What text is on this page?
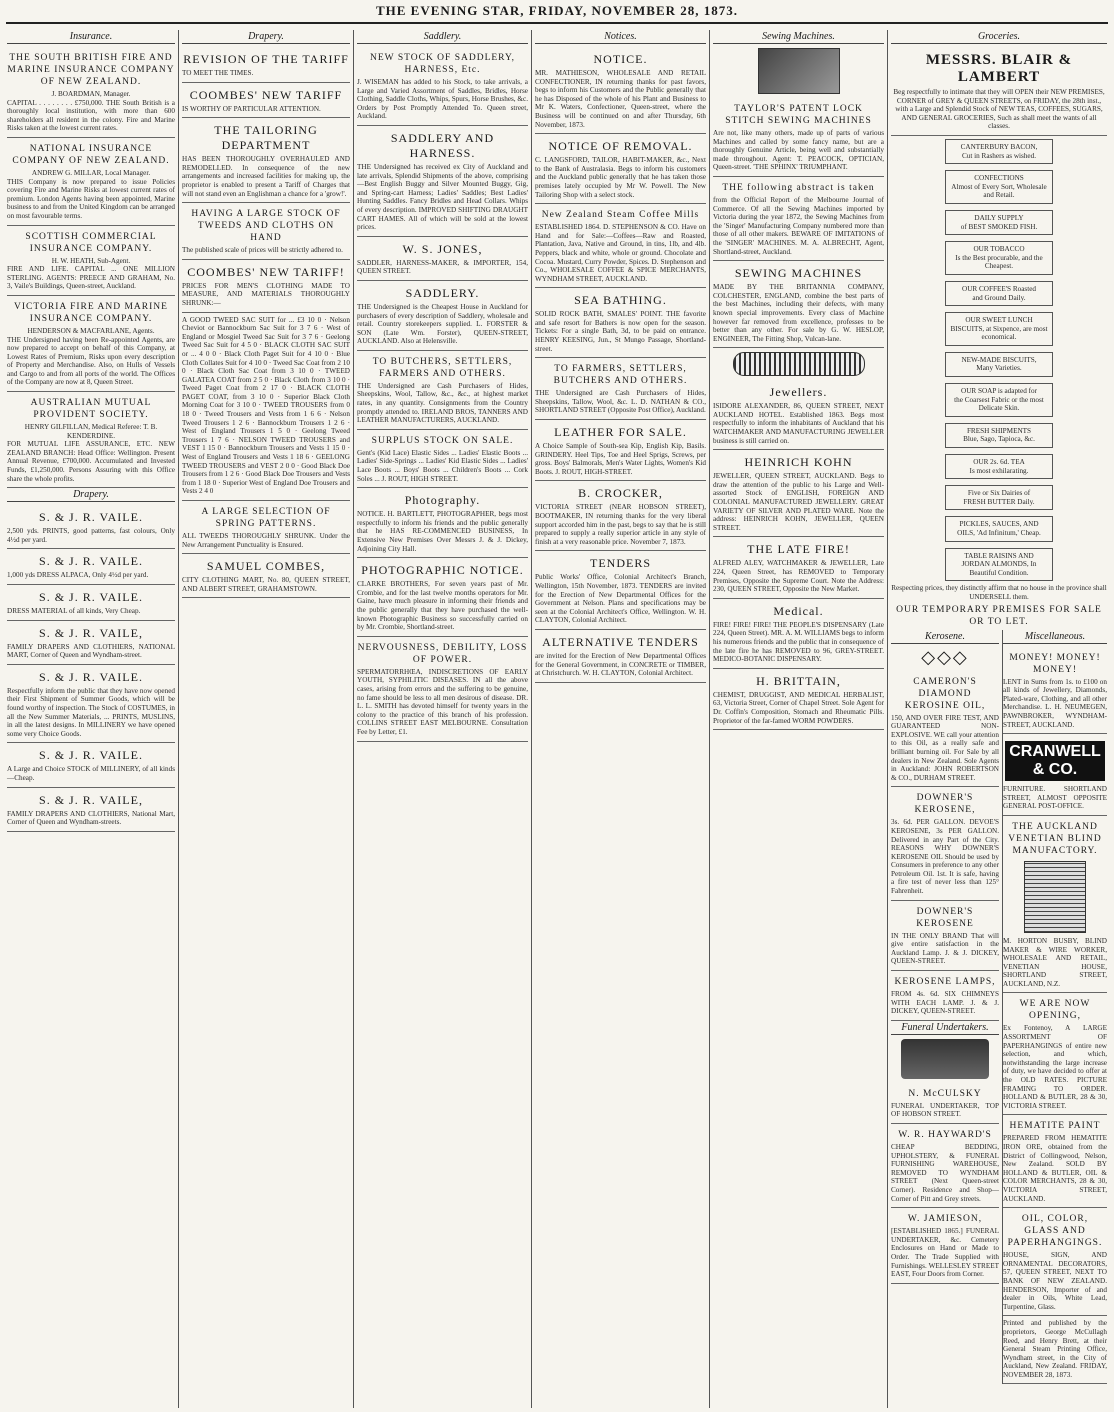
THE EVENING STAR, FRIDAY, NOVEMBER 28, 1873.
Insurance.
THE SOUTH BRITISH FIRE AND MARINE INSURANCE COMPANY OF NEW ZEALAND.
J. BOARDMAN, Manager.

CAPITAL . . . . . . . . £750,000. THE South British is a thoroughly local institution, with more than 600 shareholders all resident in the colony. Fire and Marine Risks taken at the lowest current rates.

NATIONAL INSURANCE COMPANY OF NEW ZEALAND.
ANDREW G. MILLAR, Local Manager.

THIS Company is now prepared to issue Policies covering Fire and Marine Risks at lowest current rates of premium. London Agents having been appointed, Marine business to and from the United Kingdom can be arranged on most favourable terms.

SCOTTISH COMMERCIAL INSURANCE COMPANY.
H. W. HEATH, Sub-Agent.

FIRE AND LIFE. CAPITAL ... ONE MILLION STERLING. AGENTS: PREECE AND GRAHAM, No. 3, Vaile's Buildings, Queen-street, Auckland.

VICTORIA FIRE AND MARINE INSURANCE COMPANY.
HENDERSON & MACFARLANE, Agents.

THE Undersigned having been Re-appointed Agents, are now prepared to accept on behalf of this Company, at Lowest Rates of Premium, Risks upon every description of Property and Merchandise. Also, on Hulls of Vessels and Cargo to and from all ports of the world. The Offices of the Company are now at 8, Queen Street.

AUSTRALIAN MUTUAL PROVIDENT SOCIETY.
HENRY GILFILLAN, Medical Referee: T. B. KENDERDINE.

FOR MUTUAL LIFE ASSURANCE, ETC. NEW ZEALAND BRANCH: Head Office: Wellington. Present Annual Revenue, £700,000. Accumulated and Invested Funds, £1,250,000. Persons Assuring with this Office share the whole profits.

Drapery.
S. & J. R. VAILE.

2,500 yds. PRINTS, good patterns, fast colours, Only 4½d per yard.

S. & J. R. VAILE.

1,000 yds DRESS ALPACA, Only 4½d per yard.

S. & J. R. VAILE.

DRESS MATERIAL of all kinds, Very Cheap.

S. & J. R. VAILE,

FAMILY DRAPERS AND CLOTHIERS, NATIONAL MART, Corner of Queen and Wyndham-street.

S. & J. R. VAILE.

Respectfully inform the public that they have now opened their First Shipment of Summer Goods, which will be found worthy of inspection. The Stock of COSTUMES, in all the New Summer Materials, ... PRINTS, MUSLINS, in all the latest designs. In MILLINERY we have opened some very Choice Goods.

S. & J. R. VAILE.

A Large and Choice STOCK of MILLINERY, of all kinds—Cheap.

S. & J. R. VAILE,

FAMILY DRAPERS AND CLOTHIERS, National Mart, Corner of Queen and Wyndham-streets.

Drapery.
REVISION OF THE TARIFF

TO MEET THE TIMES.

COOMBES' NEW TARIFF

IS WORTHY OF PARTICULAR ATTENTION.

THE TAILORING DEPARTMENT

HAS BEEN THOROUGHLY OVERHAULED AND REMODELLED. In consequence of the new arrangements and increased facilities for making up, the proprietor is enabled to present a Tariff of Charges that will not stand even an Englishman a chance for a 'grow!'.

HAVING A LARGE STOCK OF TWEEDS AND CLOTHS ON HAND

The published scale of prices will be strictly adhered to.

COOMBES' NEW TARIFF!

PRICES FOR MEN'S CLOTHING MADE TO MEASURE, AND MATERIALS THOROUGHLY SHRUNK:—

A GOOD TWEED SAC SUIT for ... £3 10 0 · Nelson Cheviot or Bannockburn Sac Suit for 3 7 6 · West of England or Mosgiel Tweed Sac Suit for 3 7 6 · Geelong Tweed Sac Suit for 4 5 0 · BLACK CLOTH SAC SUIT or ... 4 0 0 · Black Cloth Paget Suit for 4 10 0 · Blue Cloth Collates Suit for 4 10 0 · Tweed Sac Coat from 2 10 0 · Black Cloth Sac Coat from 3 10 0 · TWEED GALATEA COAT from 2 5 0 · Black Cloth from 3 10 0 · Tweed Paget Coat from 2 17 0 · BLACK CLOTH PAGET COAT, from 3 10 0 · Superior Black Cloth Morning Coat for 3 10 0 · TWEED TROUSERS from 0 18 0 · Tweed Trousers and Vests from 1 6 6 · Nelson Tweed Trousers 1 2 6 · Bannockburn Trousers 1 2 6 · West of England Trousers 1 5 0 · Geelong Tweed Trousers 1 7 6 · NELSON TWEED TROUSERS and VEST 1 15 0 · Bannockburn Trousers and Vests 1 15 0 · West of England Trousers and Vests 1 18 6 · GEELONG TWEED TROUSERS and VEST 2 0 0 · Good Black Doe Trousers from 1 2 6 · Good Black Doe Trousers and Vests from 1 18 0 · Superior West of England Doe Trousers and Vests 2 4 0

A LARGE SELECTION OF SPRING PATTERNS.

ALL TWEEDS THOROUGHLY SHRUNK. Under the New Arrangement Punctuality is Ensured.

SAMUEL COMBES,

CITY CLOTHING MART, No. 80, QUEEN STREET, AND ALBERT STREET, GRAHAMSTOWN.

Saddlery.
NEW STOCK OF SADDLERY, HARNESS, Etc.

J. WISEMAN has added to his Stock, to take arrivals, a Large and Varied Assortment of Saddles, Bridles, Horse Clothing, Saddle Cloths, Whips, Spurs, Horse Brushes, &c. Orders by Post Promptly Attended To. Queen street, Auckland.

SADDLERY AND HARNESS.

THE Undersigned has received ex City of Auckland and late arrivals, Splendid Shipments of the above, comprising—Best English Buggy and Silver Mounted Buggy, Gig, and Spring-cart Harness; Ladies' Saddles; Best Ladies' Hunting Saddles. Fancy Bridles and Head Collars. Whips of every description. IMPROVED SHIFTING DRAUGHT CART HAMES. All of which will be sold at the lowest prices.

W. S. JONES,

SADDLER, HARNESS-MAKER, & IMPORTER, 154, QUEEN STREET.

SADDLERY.

THE Undersigned is the Cheapest House in Auckland for purchasers of every description of Saddlery, wholesale and retail. Country storekeepers supplied. L. FORSTER & SON (Late Wm. Forster), QUEEN-STREET, AUCKLAND. Also at Helensville.

TO BUTCHERS, SETTLERS, FARMERS AND OTHERS.

THE Undersigned are Cash Purchasers of Hides, Sheepskins, Wool, Tallow, &c., &c., at highest market rates, in any quantity. Consignments from the Country promptly attended to. IRELAND BROS, TANNERS AND LEATHER MANUFACTURERS, AUCKLAND.

SURPLUS STOCK ON SALE.

Gent's (Kid Lace) Elastic Sides ... Ladies' Elastic Boots ... Ladies' Side-Springs ... Ladies' Kid Elastic Sides ... Ladies' Lace Boots ... Boys' Boots ... Children's Boots ... Cork Soles ... J. ROUT, HIGH STREET.

Photography.

NOTICE. H. BARTLETT, PHOTOGRAPHER, begs most respectfully to inform his friends and the public generally that he HAS RE-COMMENCED BUSINESS, In Extensive New Premises Over Messrs J. & J. Dickey, Adjoining City Hall.

PHOTOGRAPHIC NOTICE.

CLARKE BROTHERS, For seven years past of Mr. Crombie, and for the last twelve months operators for Mr. Gaine, have much pleasure in informing their friends and the public generally that they have purchased the well-known Photographic Business so successfully carried on by Mr. Crombie, Shortland-street.

NERVOUSNESS, DEBILITY, LOSS OF POWER.

SPERMATORRHŒA, INDISCRETIONS OF EARLY YOUTH, SYPHILITIC DISEASES. IN all the above cases, arising from errors and the suffering to be genuine, no fame should be less to all men desirous of disease. DR. L. L. SMITH has devoted himself for twenty years in the colony to the practice of this branch of his profession. COLLINS STREET EAST MELBOURNE. Consultation Fee by Letter, £1.

Notices.
NOTICE.

MR. MATHIESON, WHOLESALE AND RETAIL CONFECTIONER, IN returning thanks for past favors, begs to inform his Customers and the Public generally that he has Disposed of the whole of his Plant and Business to Mr K. Waters, Confectioner, Queen-street, where the Business will be continued on and after Thursday, 6th November, 1873.

NOTICE OF REMOVAL.

C. LANGSFORD, TAILOR, HABIT-MAKER, &c., Next to the Bank of Australasia. Begs to inform his customers and the Auckland public generally that he has taken those premises lately occupied by Mr W. Powell. The New Tailoring Shop with a select stock.

New Zealand Steam Coffee Mills

ESTABLISHED 1864. D. STEPHENSON & CO. Have on Hand and for Sale:—Coffees—Raw and Roasted, Plantation, Java, Native and Ground, in tins, 1lb, and 4lb. Peppers, black and white, whole or ground. Chocolate and Cocoa. Mustard, Curry Powder, Spices. D. Stephenson and Co., WHOLESALE COFFEE & SPICE MERCHANTS, WYNDHAM STREET, AUCKLAND.

SEA BATHING.

SOLID ROCK BATH, SMALES' POINT. THE favorite and safe resort for Bathers is now open for the season. Tickets: For a single Bath, 3d, to be paid on entrance. HENRY KEESING, Jun., St Mungo Passage, Shortland-street.

TO FARMERS, SETTLERS, BUTCHERS AND OTHERS.

THE Undersigned are Cash Purchasers of Hides, Sheepskins, Tallow, Wool, &c. L. D. NATHAN & CO., SHORTLAND STREET (Opposite Post Office), Auckland.

LEATHER FOR SALE.

A Choice Sample of South-sea Kip, English Kip, Basils. GRINDERY. Heel Tips, Toe and Heel Sprigs, Screws, per gross. Boys' Balmorals, Men's Water Lights, Women's Kid Boots. J. ROUT, HIGH-STREET.

B. CROCKER,

VICTORIA STREET (NEAR HOBSON STREET), BOOTMAKER, IN returning thanks for the very liberal support accorded him in the past, begs to say that he is still prepared to supply a really superior article in any style of finish at a very reasonable price. November 7, 1873.

TENDERS

Public Works' Office, Colonial Architect's Branch, Wellington, 15th November, 1873. TENDERS are invited for the Erection of New Departmental Offices for the Government at Nelson. Plans and specifications may be seen at the Colonial Architect's Office, Wellington. W. H. CLAYTON, Colonial Architect.

ALTERNATIVE TENDERS

are invited for the Erection of New Departmental Offices for the General Government, in CONCRETE or TIMBER, at Christchurch. W. H. CLAYTON, Colonial Architect.

Sewing Machines.
TAYLOR'S PATENT LOCK STITCH SEWING MACHINES

Are not, like many others, made up of parts of various Machines and called by some fancy name, but are a thoroughly Genuine Article, being well and substantially made throughout. Agent: T. PEACOCK, OPTICIAN, Queen-street. 'THE SPHINX' TRIUMPHANT.

THE following abstract is taken

from the Official Report of the Melbourne Journal of Commerce. Of all the Sewing Machines imported by Victoria during the year 1872, the Sewing Machines from the 'Singer' Manufacturing Company numbered more than those of all other makers. BEWARE OF IMITATIONS of the 'SINGER' MACHINES. M. A. ALBRECHT, Agent, Shortland-street, Auckland.

SEWING MACHINES

MADE BY THE BRITANNIA COMPANY, COLCHESTER, ENGLAND, combine the best parts of the best Machines, including their defects, with many known special improvements. Every class of Machine however far removed from excellence, professes to be better than any other. For sale by G. W. HESLOP, ENGINEER, The Fitting Shop, Vulcan-lane.

Jewellers.

ISIDORE ALEXANDER, 86, QUEEN STREET, NEXT AUCKLAND HOTEL. Established 1863. Begs most respectfully to inform the inhabitants of Auckland that his WATCHMAKER AND MANUFACTURING JEWELLER business is still carried on.

HEINRICH KOHN

JEWELLER, QUEEN STREET, AUCKLAND. Begs to draw the attention of the public to his Large and Well-assorted Stock of ENGLISH, FOREIGN AND COLONIAL MANUFACTURED JEWELLERY. GREAT VARIETY OF SILVER AND PLATED WARE. Note the address: HEINRICH KOHN, JEWELLER, QUEEN STREET.

THE LATE FIRE!

ALFRED ALEY, WATCHMAKER & JEWELLER, Late 224, Queen Street, has REMOVED to Temporary Premises, Opposite the Supreme Court. Note the Address: 230, QUEEN STREET, Opposite the New Market.

Medical.

FIRE! FIRE! FIRE! THE PEOPLE'S DISPENSARY (Late 224, Queen Street). MR. A. M. WILLIAMS begs to inform his numerous friends and the public that in consequence of the late fire he has REMOVED to 96, GREY-STREET. MEDICO-BOTANIC DISPENSARY.

H. BRITTAIN,

CHEMIST, DRUGGIST, AND MEDICAL HERBALIST, 63, Victoria Street, Corner of Chapel Street. Sole Agent for Dr. Coffin's Composition, Stomach and Rheumatic Pills. Proprietor of the far-famed WORM POWDERS.

Groceries.
MESSRS. BLAIR & LAMBERT

Beg respectfully to intimate that they will OPEN their NEW PREMISES, CORNER of GREY & QUEEN STREETS, on FRIDAY, the 28th inst., with a Large and Splendid Stock of NEW TEAS, COFFEES, SUGARS, AND GENERAL GROCERIES, Such as shall meet the wants of all classes.

CANTERBURY BACON,
Cut in Rashers as wished.
CONFECTIONS
Almost of Every Sort, Wholesale and Retail.
DAILY SUPPLY
of BEST SMOKED FISH.
OUR TOBACCO
Is the Best procurable, and the Cheapest.
OUR COFFEE'S Roasted
and Ground Daily.
OUR SWEET LUNCH
BISCUITS, at Sixpence, are most economical.
NEW-MADE BISCUITS,
Many Varieties.
OUR SOAP is adapted for
the Coarsest Fabric or the most Delicate Skin.
FRESH SHIPMENTS
Blue, Sago, Tapioca, &c.
OUR 2s. 6d. TEA
Is most exhilarating.
Five or Six Dairies of
FRESH BUTTER Daily.
PICKLES, SAUCES, AND
OILS, 'Ad Infinitum,' Cheap.
TABLE RAISINS AND
JORDAN ALMONDS, In Beautiful Condition.

Respecting prices, they distinctly affirm that no house in the province shall UNDERSELL them.

OUR TEMPORARY PREMISES FOR SALE OR TO LET.
Kerosene.
◇◇◇
CAMERON'S DIAMOND KEROSINE OIL,

150, AND OVER FIRE TEST, AND GUARANTEED NON-EXPLOSIVE. WE call your attention to this Oil, as a really safe and brilliant burning oil. For Sale by all dealers in New Zealand. Sole Agents in Auckland: JOHN ROBERTSON & CO., DURHAM STREET.

DOWNER'S KEROSENE,

3s. 6d. PER GALLON. DEVOE'S KEROSENE, 3s PER GALLON. Delivered in any Part of the City. REASONS WHY DOWNER'S KEROSENE OIL Should be used by Consumers in preference to any other Petroleum Oil. 1st. It is safe, having a fire test of never less than 125° Fahrenheit.

DOWNER'S KEROSENE

IN THE ONLY BRAND That will give entire satisfaction in the Auckland Lamp. J. & J. DICKEY, QUEEN-STREET.

KEROSENE LAMPS,

FROM 4s. 6d. SIX CHIMNEYS WITH EACH LAMP. J. & J. DICKEY, QUEEN-STREET.

Funeral Undertakers.
N. McCULSKY

FUNERAL UNDERTAKER, TOP OF HOBSON STREET.

W. R. HAYWARD'S

CHEAP BEDDING, UPHOLSTERY, & FUNERAL FURNISHING WAREHOUSE, REMOVED TO WYNDHAM STREET (Next Queen-street Corner). Residence and Shop—Corner of Pitt and Grey streets.

W. JAMIESON,

[ESTABLISHED 1865.] FUNERAL UNDERTAKER, &c. Cemetery Enclosures on Hand or Made to Order. The Trade Supplied with Furnishings. WELLESLEY STREET EAST, Four Doors from Corner.

Miscellaneous.
MONEY! MONEY! MONEY!

LENT in Sums from 1s. to £100 on all kinds of Jewellery, Diamonds, Plated-ware, Clothing, and all other Merchandise. L. H. NEUMEGEN, PAWNBROKER, WYNDHAM-STREET, AUCKLAND.

CRANWELL & CO.

FURNITURE. SHORTLAND STREET, ALMOST OPPOSITE GENERAL POST-OFFICE.

THE AUCKLAND VENETIAN BLIND MANUFACTORY.

M. HORTON BUSBY, BLIND MAKER & WIRE WORKER, WHOLESALE AND RETAIL, VENETIAN HOUSE, SHORTLAND STREET, AUCKLAND, N.Z.

WE ARE NOW OPENING,

Ex Fontenoy, A LARGE ASSORTMENT OF PAPERHANGINGS of entire new selection, and which, notwithstanding the large increase of duty, we have decided to offer at the OLD RATES. PICTURE FRAMING TO ORDER. HOLLAND & BUTLER, 28 & 30, VICTORIA STREET.

HEMATITE PAINT

PREPARED FROM HEMATITE IRON ORE, obtained from the District of Collingwood, Nelson, New Zealand. SOLD BY HOLLAND & BUTLER, OIL & COLOR MERCHANTS, 28 & 30, VICTORIA STREET, AUCKLAND.

OIL, COLOR, GLASS AND PAPERHANGINGS.

HOUSE, SIGN, AND ORNAMENTAL DECORATORS, 57, QUEEN STREET, NEXT TO BANK OF NEW ZEALAND. HENDERSON, Importer of and dealer in Oils, White Lead, Turpentine, Glass.

Printed and published by the proprietors, George McCullagh Reed, and Henry Brett, at their General Steam Printing Office, Wyndham street, in the City of Auckland, New Zealand. FRIDAY, NOVEMBER 28, 1873.
